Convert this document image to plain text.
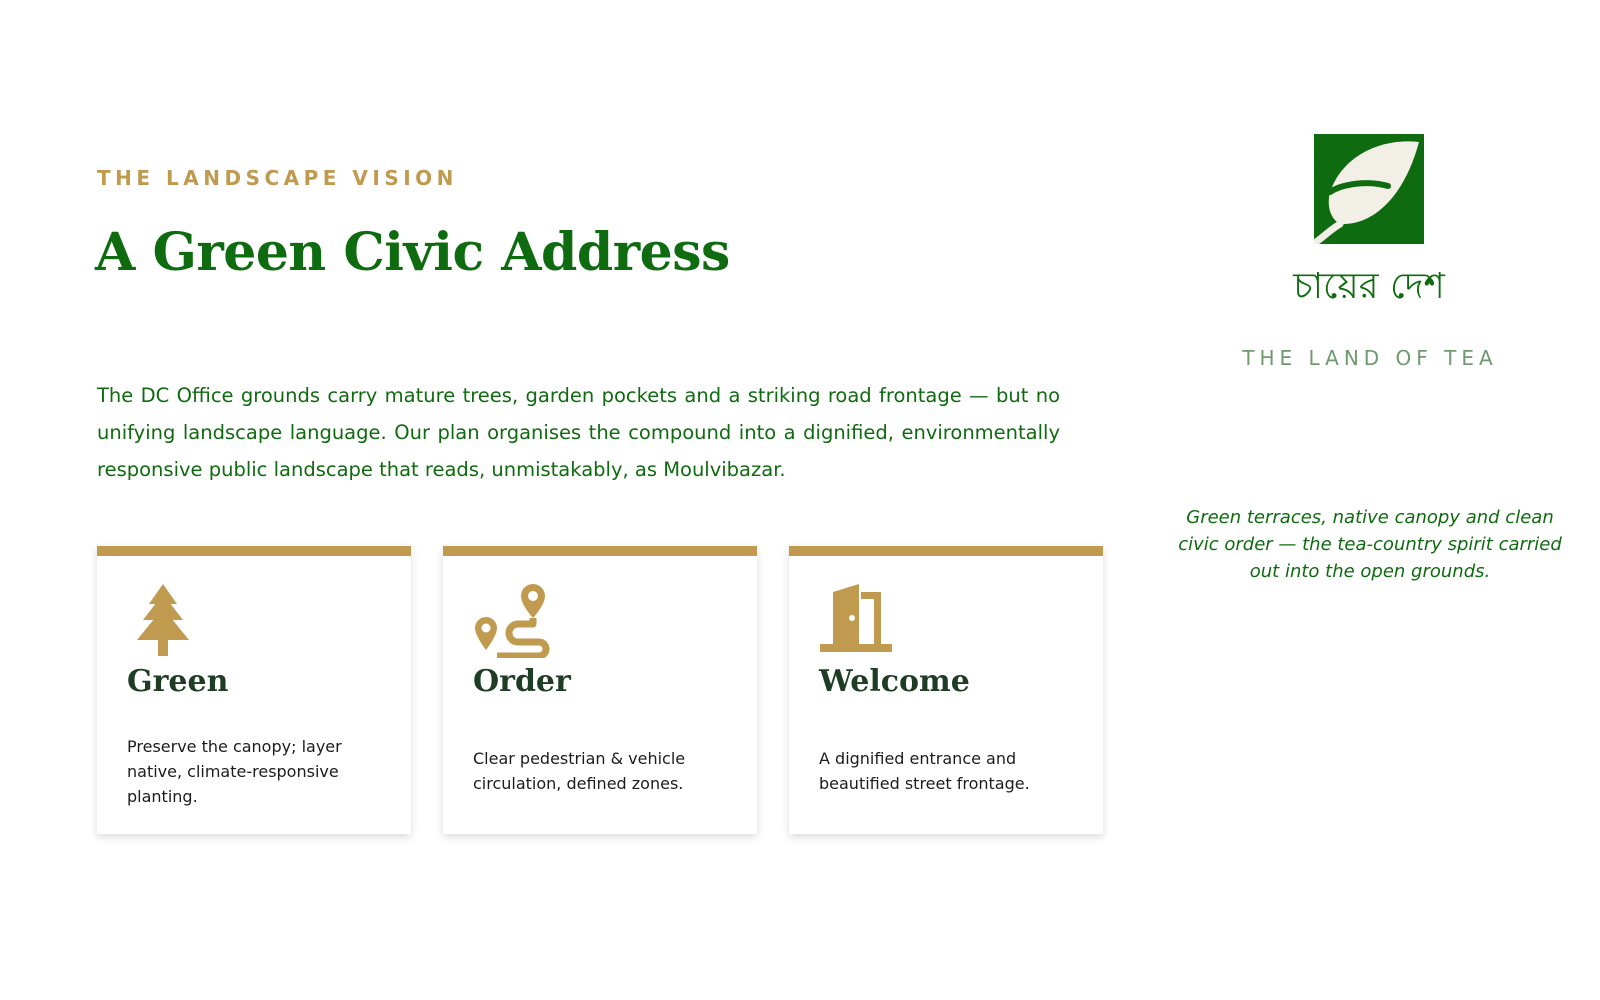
THE LANDSCAPE VISION
A Green Civic Address

The DC Office grounds carry mature trees, garden pockets and a striking road frontage — but no unifying landscape language. Our plan organises the compound into a dignified, environmentally responsive public landscape that reads, unmistakably, as Moulvibazar.

Green

Preserve the canopy; layer native, climate-responsive planting.

Order

Clear pedestrian & vehicle circulation, defined zones.

Welcome

A dignified entrance and beautified street frontage.

চায়ের দেশ
THE LAND OF TEA

Green terraces, native canopy and clean civic order — the tea-country spirit carried out into the open grounds.
